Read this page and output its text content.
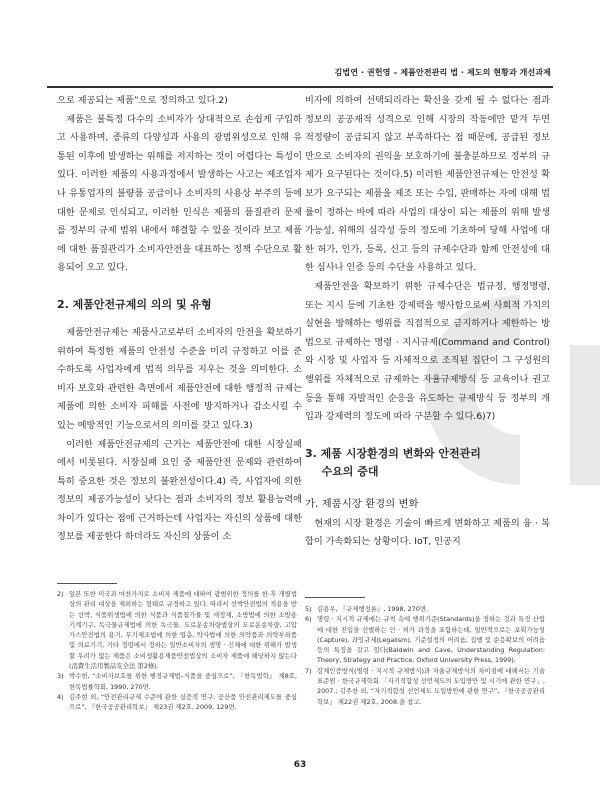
김법연 · 권헌영 – 제품안전관리 법 · 제도의 현황과 개선과제

으로 제공되는 제품”으로 정의하고 있다.2)

제품은 불특정 다수의 소비자가 상대적으로 손쉽게 구입하고 사용하며, 종류의 다양성과 사용의 광범위성으로 인해 유통된 이후에 발생하는 위해를 저지하는 것이 어렵다는 특성이 있다. 이러한 제품의 사용과정에서 발생하는 사고는 제조업자나 유통업자의 불량품 공급이나 소비자의 사용상 부주의 등에 대한 문제로 인식되고, 이러한 인식은 제품의 품질관리 문제를 정부의 규제 범위 내에서 해결할 수 있을 것이라 보고 제품에 대한 품질관리가 소비자안전을 대표하는 정책 수단으로 활용되어 오고 있다.

2. 제품안전규제의 의의 및 유형

제품안전규제는 제품사고로부터 소비자의 안전을 확보하기 위하여 특정한 제품의 안전성 수준을 미리 규정하고 이를 준수하도록 사업자에게 법적 의무를 지우는 것을 의미한다. 소비자 보호와 관련한 측면에서 제품안전에 대한 행정적 규제는 제품에 의한 소비자 피해를 사전에 방지하거나 감소시킬 수 있는 예방적인 기능으로서의 의미를 갖고 있다.3)

이러한 제품안전규제의 근거는 제품안전에 대한 시장실패에서 비롯된다. 시장실패 요인 중 제품안전 문제와 관련하여 특히 중요한 것은 정보의 불완전성이다.4) 즉, 사업자에 의한 정보의 제공가능성이 낮다는 점과 소비자의 정보 활용능력에 차이가 있다는 점에 근거하는데 사업자는 자신의 상품에 대한 정보를 제공한다 하더라도 자신의 상품이 소

비자에 의하여 선택되리라는 확신을 갖게 될 수 없다는 점과 정보의 공공재적 성격으로 인해 시장의 작동에만 맡겨 두면 적정량이 공급되지 않고 부족하다는 점 때문에, 공급된 정보만으로 소비자의 권익을 보호하기에 불충분하므로 정부의 규제가 요구된다는 것이다.5) 이러한 제품안전규제는 안전성 확보가 요구되는 제품을 제조 또는 수입, 판매하는 자에 대해 법률이 정하는 바에 따라 사업의 대상이 되는 제품의 위해 발생가능성, 위해의 심각성 등의 정도에 기초하여 당해 사업에 대한 허가, 인가, 등록, 신고 등의 규제수단과 함께 안전성에 대한 심사나 인증 등의 수단을 사용하고 있다.

제품안전을 확보하기 위한 규제수단은 법규정, 행정명령, 또는 지시 등에 기초한 강제력을 행사함으로써 사회적 가치의 실현을 방해하는 행위를 직접적으로 금지하거나 제한하는 방법으로 규제하는 명령 · 지시규제(Command and Control)와 시장 및 사업자 등 자체적으로 조직된 집단이 그 구성원의 행위를 자체적으로 규제하는 자율규제방식 등 교육이나 권고 등을 통해 자발적인 순응을 유도하는 규제방식 등 정부의 개입과 강제력의 정도에 따라 구분할 수 있다.6)7)

3. 제품 시장환경의 변화와 안전관리
수요의 증대
가. 제품시장 환경의 변화

현재의 시장 환경은 기술이 빠르게 변화하고 제품의 융 · 복합이 가속화되는 상황이다. IoT, 인공지

2) 일본 또한 미국과 마찬가지로 소비자 제품에 대하여 광범위한 정의를 한 후 개별법상의 관리 대상을 제외하는 형태로 규정하고 있다. 따라서 선박안전법의 적용을 받는 선박, 식품위생법에 의한 식품과 식품첨가물 및 세정제, 소방법에 의한 소방용 기계기구, 독극물규제법에 의한 독극물, 도로운송차량법상의 도로운송차량, 고압가스안전법의 용기, 무기제조법에 의한 엽총, 약사법에 의한 의약품과 의약부외품 및 의료기기, 기타 정령에서 정하는 일반소비자의 생명 · 신체에 대한 위해가 발생할 우려가 없는 제품은 소비생활용제품안전법상의 소비자 제품에 해당하지 않는다(消費生活用製品安全法 第2條).
3) 박수헌, “소비자보호를 위한 행정규제법–식품을 중심으로”, 『한독법학』 제8호, 한독법률학회, 1990, 270면.
4) 김주현 외, “안전관리규제 수준에 관한 실증적 연구: 공산품 안전관리제도를 중심으로”, 『한국공공관리학보』 제23권 제2호, 2009, 129면.
5) 김용우, 『규제행정론』, 1998, 270면.
6) 명령 · 지시적 규제에는 규칙 속에 행위기준(Standards)을 정하는 것과 특정 산업에 대한 진입을 선별하는 인 · 허가 과정을 포함하는데, 일반적으로는 포획가능성(Capture), 과잉규제(Legalism), 기준설정의 어려움, 집행 및 순응확보의 어려움 등의 특징을 갖고 있다(Baldwin and Cave, Understanding Regulation: Theory, Strategy and Practice, Oxford University Press, 1999).
7) 강제인증방식(명령 · 지시적 규제방식)과 자율규제방식의 차이점에 대해서는 기술표준원 · 한국규제학회 「자기적합성 선언제도의 도입방안 및 시기에 관한 연구」, 2007.; 김주찬 외, “자기적합성 선언제도 도입방안에 관한 연구”, 『한국공공관리학보』 제22권 제2호, 2008.을 참고.
63
